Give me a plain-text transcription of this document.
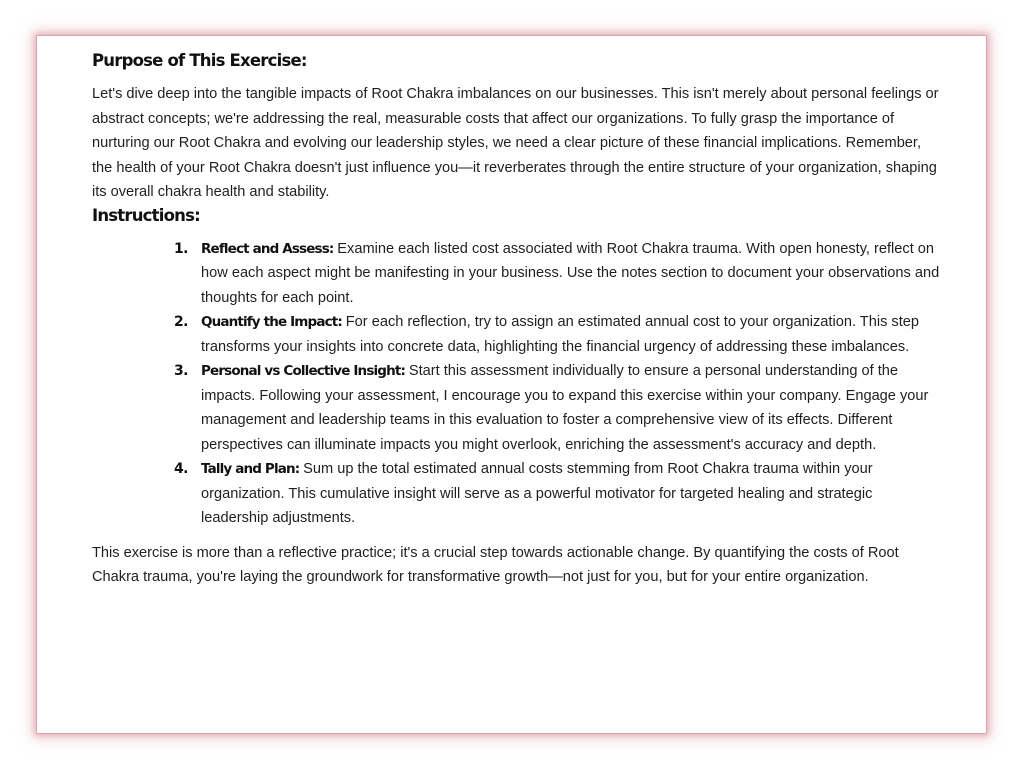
Purpose of This Exercise:

Let's dive deep into the tangible impacts of Root Chakra imbalances on our businesses. This isn't merely about personal feelings or abstract concepts; we're addressing the real, measurable costs that affect our organizations. To fully grasp the importance of nurturing our Root Chakra and evolving our leadership styles, we need a clear picture of these financial implications. Remember, the health of your Root Chakra doesn't just influence you—it reverberates through the entire structure of your organization, shaping its overall chakra health and stability.

Instructions:
1. Reflect and Assess: Examine each listed cost associated with Root Chakra trauma. With open honesty, reflect on how each aspect might be manifesting in your business. Use the notes section to document your observations and thoughts for each point.
2. Quantify the Impact: For each reflection, try to assign an estimated annual cost to your organization. This step transforms your insights into concrete data, highlighting the financial urgency of addressing these imbalances.
3. Personal vs Collective Insight: Start this assessment individually to ensure a personal understanding of the impacts. Following your assessment, I encourage you to expand this exercise within your company. Engage your management and leadership teams in this evaluation to foster a comprehensive view of its effects. Different perspectives can illuminate impacts you might overlook, enriching the assessment's accuracy and depth.
4. Tally and Plan: Sum up the total estimated annual costs stemming from Root Chakra trauma within your organization. This cumulative insight will serve as a powerful motivator for targeted healing and strategic leadership adjustments.

This exercise is more than a reflective practice; it's a crucial step towards actionable change. By quantifying the costs of Root Chakra trauma, you're laying the groundwork for transformative growth—not just for you, but for your entire organization.
